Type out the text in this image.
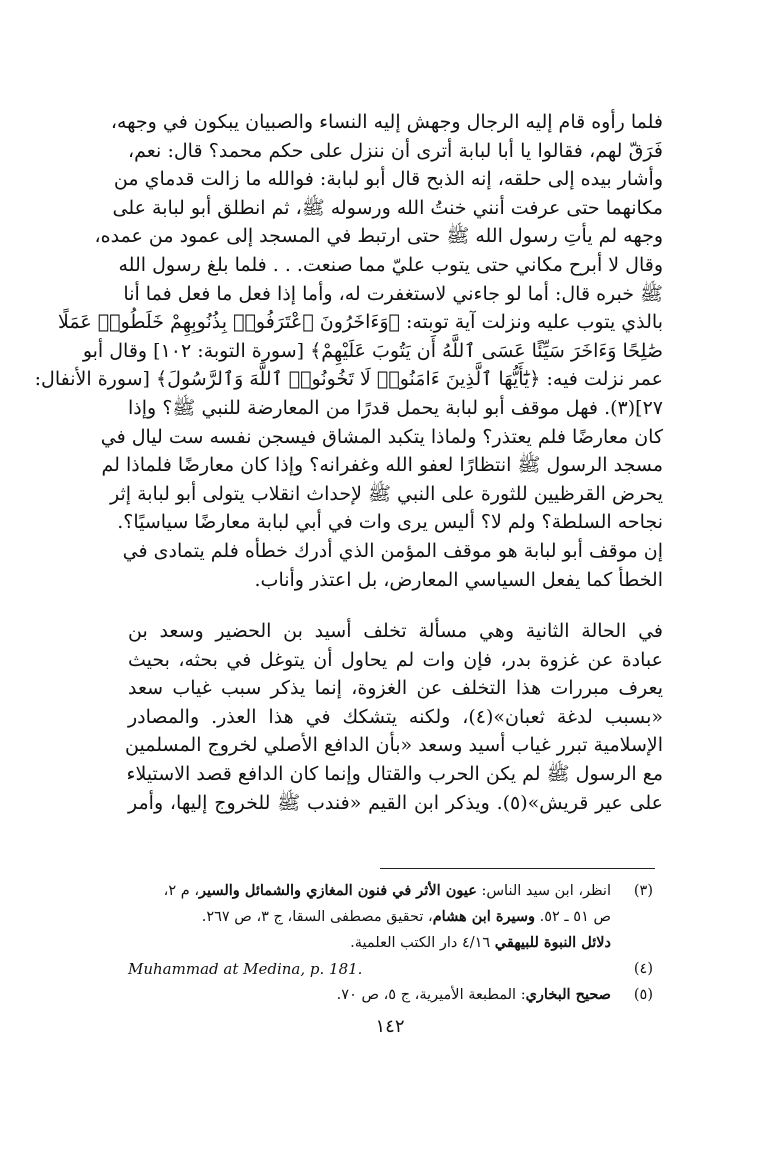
فلما رأوه قام إليه الرجال وجهش إليه النساء والصبيان يبكون في وجهه،
فَرَقّ لهم، فقالوا يا أبا لبابة أترى أن ننزل على حكم محمد؟ قال: نعم،
وأشار بيده إلى حلقه، إنه الذبح قال أبو لبابة: فوالله ما زالت قدماي من
مكانهما حتى عرفت أنني خنتُ الله ورسوله ﷺ، ثم انطلق أبو لبابة على
وجهه لم يأتِ رسول الله ﷺ حتى ارتبط في المسجد إلى عمود من عمده،
وقال لا أبرح مكاني حتى يتوب عليّ مما صنعت. . . فلما بلغ رسول الله
ﷺ خبره قال: أما لو جاءني لاستغفرت له، وأما إذا فعل ما فعل فما أنا
بالذي يتوب عليه ونزلت آية توبته: ﴿وَءَاخَرُونَ ٱعْتَرَفُوا۟ بِذُنُوبِهِمْ خَلَطُوا۟ عَمَلًا
صَٰلِحًا وَءَاخَرَ سَيِّئًا عَسَى ٱللَّهُ أَن يَتُوبَ عَلَيْهِمْ﴾ [سورة التوبة: ١٠٢] وقال أبو
عمر نزلت فيه: ﴿يَٰٓأَيُّهَا ٱلَّذِينَ ءَامَنُوا۟ لَا تَخُونُوا۟ ٱللَّهَ وَٱلرَّسُولَ﴾ [سورة الأنفال:
٢٧](٣). فهل موقف أبو لبابة يحمل قدرًا من المعارضة للنبي ﷺ؟ وإذا
كان معارضًا فلم يعتذر؟ ولماذا يتكبد المشاق فيسجن نفسه ست ليال في
مسجد الرسول ﷺ انتظارًا لعفو الله وغفرانه؟ وإذا كان معارضًا فلماذا لم
يحرض القرظيين للثورة على النبي ﷺ لإحداث انقلاب يتولى أبو لبابة إثر
نجاحه السلطة؟ ولم لا؟ أليس يرى وات في أبي لبابة معارضًا سياسيًا؟.
إن موقف أبو لبابة هو موقف المؤمن الذي أدرك خطأه فلم يتمادى في
الخطأ كما يفعل السياسي المعارض، بل اعتذر وأناب.
في الحالة الثانية وهي مسألة تخلف أسيد بن الحضير وسعد بن
عبادة عن غزوة بدر، فإن وات لم يحاول أن يتوغل في بحثه، بحيث
يعرف مبررات هذا التخلف عن الغزوة، إنما يذكر سبب غياب سعد
«بسبب لدغة ثعبان»(٤)، ولكنه يتشكك في هذا العذر. والمصادر
الإسلامية تبرر غياب أسيد وسعد «بأن الدافع الأصلي لخروج المسلمين
مع الرسول ﷺ لم يكن الحرب والقتال وإنما كان الدافع قصد الاستيلاء
على عير قريش»(٥). ويذكر ابن القيم «فندب ﷺ للخروج إليها، وأمر
(٣)
انظر، ابن سيد الناس: عيون الأثر في فنون المغازي والشمائل والسير، م ٢،
ص ٥١ ـ ٥٢. وسيرة ابن هشام، تحقيق مصطفى السقا، ج ٣، ص ٢٦٧.
دلائل النبوة للبيهقي ٤/١٦ دار الكتب العلمية.
(٤)
Muhammad at Medina, p. 181.
(٥)
صحيح البخاري: المطبعة الأميرية، ج ٥، ص ٧٠.
١٤٢
